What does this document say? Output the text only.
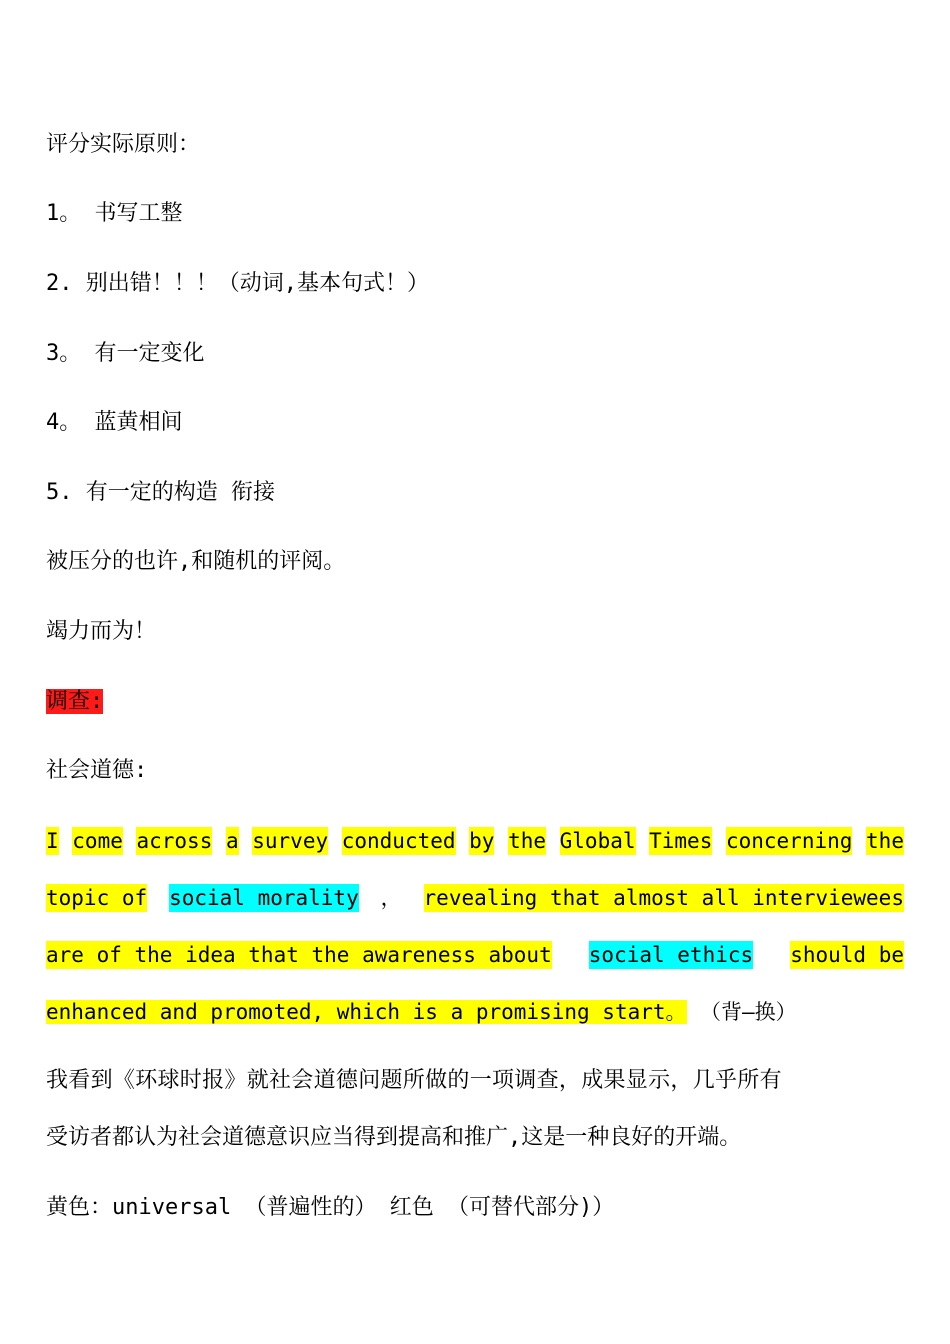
评分实际原则：

1。 书写工整

2. 别出错！！！（动词,基本句式！）

3。 有一定变化

4。 蓝黄相间

5. 有一定的构造 衔接

被压分的也许,和随机的评阅。

竭力而为！

调查:

社会道德:

I come across a survey conducted by the Global Times concerning the
topic of social morality ， revealing that almost all interviewees
are of the idea that the awareness about social ethics should be
enhanced and promoted, which is a promising start。 （背—换）

我看到《环球时报》就社会道德问题所做的一项调查，成果显示，几乎所有

受访者都认为社会道德意识应当得到提高和推广,这是一种良好的开端。

黄色：universal （普遍性的） 红色 （可替代部分)）
